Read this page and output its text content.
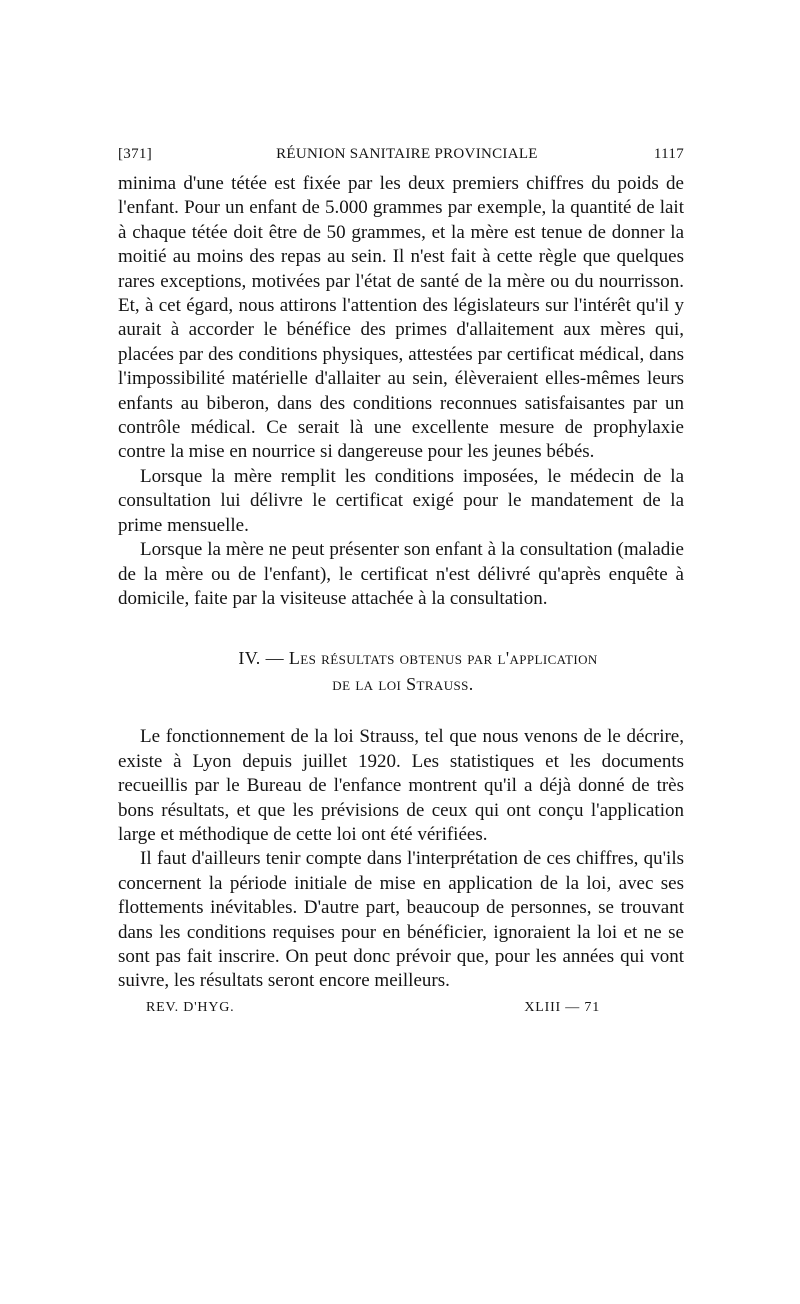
[371]	RÉUNION SANITAIRE PROVINCIALE	1117

minima d'une tétée est fixée par les deux premiers chiffres du poids de l'enfant. Pour un enfant de 5.000 grammes par exemple, la quantité de lait à chaque tétée doit être de 50 grammes, et la mère est tenue de donner la moitié au moins des repas au sein. Il n'est fait à cette règle que quelques rares exceptions, motivées par l'état de santé de la mère ou du nourrisson. Et, à cet égard, nous attirons l'attention des législateurs sur l'intérêt qu'il y aurait à accorder le bénéfice des primes d'allaitement aux mères qui, placées par des conditions physiques, attestées par certificat médical, dans l'impossibilité matérielle d'allaiter au sein, élèveraient elles-mêmes leurs enfants au biberon, dans des conditions reconnues satisfaisantes par un contrôle médical. Ce serait là une excellente mesure de prophylaxie contre la mise en nourrice si dangereuse pour les jeunes bébés.

Lorsque la mère remplit les conditions imposées, le médecin de la consultation lui délivre le certificat exigé pour le mandatement de la prime mensuelle.

Lorsque la mère ne peut présenter son enfant à la consultation (maladie de la mère ou de l'enfant), le certificat n'est délivré qu'après enquête à domicile, faite par la visiteuse attachée à la consultation.

IV. — Les résultats obtenus par l'application
de la loi Strauss.

Le fonctionnement de la loi Strauss, tel que nous venons de le décrire, existe à Lyon depuis juillet 1920. Les statistiques et les documents recueillis par le Bureau de l'enfance montrent qu'il a déjà donné de très bons résultats, et que les prévisions de ceux qui ont conçu l'application large et méthodique de cette loi ont été vérifiées.

Il faut d'ailleurs tenir compte dans l'interprétation de ces chiffres, qu'ils concernent la période initiale de mise en application de la loi, avec ses flottements inévitables. D'autre part, beaucoup de personnes, se trouvant dans les conditions requises pour en bénéficier, ignoraient la loi et ne se sont pas fait inscrire. On peut donc prévoir que, pour les années qui vont suivre, les résultats seront encore meilleurs.

REV. D'HYG.	XLIII — 71
